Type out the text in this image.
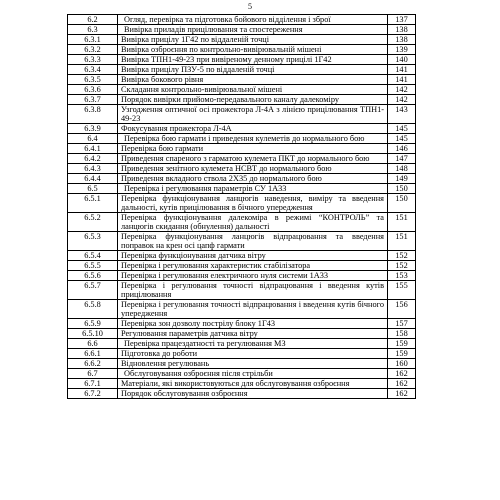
5
6.2	Огляд, перевірка та підготовка бойового відділення і зброї	137
6.3	Вивірка приладів прицілювання та спостереження	138
6.3.1	Вивірка прицілу 1Г42 по віддаленій точці	138
6.3.2	Вивірка озброєння по контрольно-вивірювальній мішені	139
6.3.3	Вивірка ТПН1-49-23 при вивіреному денному прицілі 1Г42	140
6.3.4	Вивірка прицілу ПЗУ-5 по віддаленій точці	141
6.3.5	Вивірка бокового рівня	141
6.3.6	Складання контрольно-вивірювальної мішені	142
6.3.7	Порядок вивірки прийомо-передавального каналу далекоміру	142
6.3.8	Узгодження оптичної осі прожектора Л-4А з лінією прицілювання ТПН1-49-23	143
6.3.9	Фокусування прожектора Л-4А	145
6.4	Перевірка бою гармати і приведення кулеметів до нормального бою	145
6.4.1	Перевірка бою гармати	146
6.4.2	Приведення спареного з гарматою кулемета ПКТ до нормального бою	147
6.4.3	Приведення зенітного кулемета НСВТ до нормального бою	148
6.4.4	Приведення вкладного ствола 2Х35 до нормального бою	149
6.5	Перевірка і регулювання параметрів СУ 1А33	150
6.5.1	Перевірка функціонування ланцюгів наведення, виміру та введення дальності, кутів прицілювання в бічного упередження	150
6.5.2	Перевірка функціонування далекоміра в режимі “КОНТРОЛЬ” та ланцюгів скидання (обнулення) дальності	151
6.5.3	Перевірка функціонування ланцюгів відпрацювання та введення поправок на крен осі цапф гармати	151
6.5.4	Перевірка функціонування датчика вітру	152
6.5.5	Перевірка і регулювання характеристик стабілізатора	152
6.5.6	Перевірка і регулювання електричного нуля системи 1А33	153
6.5.7	Перевірка і регулювання точності відпрацювання і введення кутів прицілювання	155
6.5.8	Перевірка і регулювання точності відпрацювання і введення кутів бічного упередження	156
6.5.9	Перевірка зон дозволу пострілу блоку 1Г43	157
6.5.10	Регулювання параметрів датчика вітру	158
6.6	Перевірка працездатності та регулювання МЗ	159
6.6.1	Підготовка до роботи	159
6.6.2	Відновлення регулювань	160
6.7	Обслуговування озброєння після стрільби	162
6.7.1	Матеріали, які використовуються для обслуговування озброєння	162
6.7.2	Порядок обслуговування озброєння	162
